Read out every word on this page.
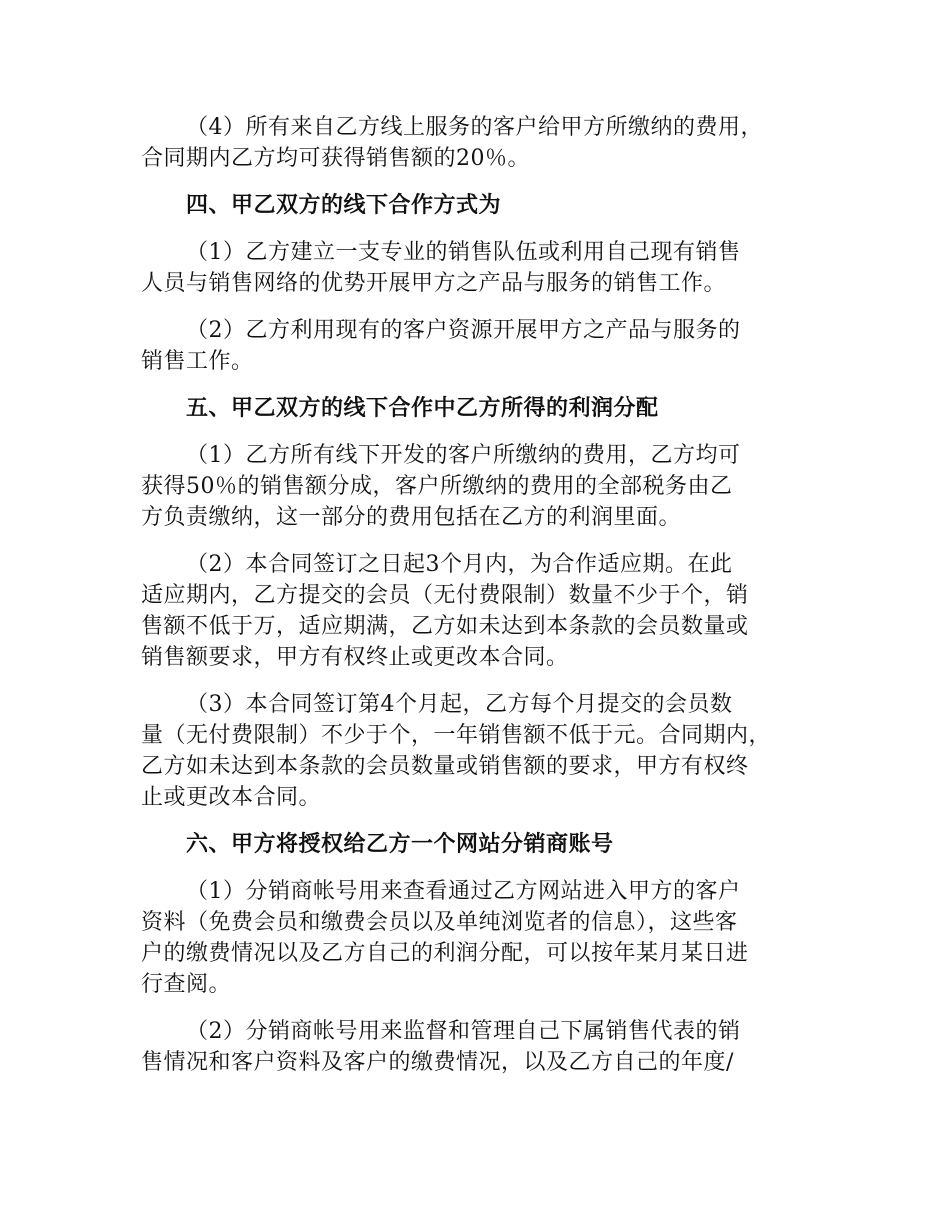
（4）所有来自乙方线上服务的客户给甲方所缴纳的费用，
合同期内乙方均可获得销售额的20％。

四、甲乙双方的线下合作方式为

（1）乙方建立一支专业的销售队伍或利用自己现有销售
人员与销售网络的优势开展甲方之产品与服务的销售工作。

（2）乙方利用现有的客户资源开展甲方之产品与服务的
销售工作。

五、甲乙双方的线下合作中乙方所得的利润分配

（1）乙方所有线下开发的客户所缴纳的费用，乙方均可
获得50％的销售额分成，客户所缴纳的费用的全部税务由乙
方负责缴纳，这一部分的费用包括在乙方的利润里面。

（2）本合同签订之日起3个月内，为合作适应期。在此
适应期内，乙方提交的会员（无付费限制）数量不少于个，销
售额不低于万，适应期满，乙方如未达到本条款的会员数量或
销售额要求，甲方有权终止或更改本合同。

（3）本合同签订第4个月起，乙方每个月提交的会员数
量（无付费限制）不少于个，一年销售额不低于元。合同期内，
乙方如未达到本条款的会员数量或销售额的要求，甲方有权终
止或更改本合同。

六、甲方将授权给乙方一个网站分销商账号

（1）分销商帐号用来查看通过乙方网站进入甲方的客户
资料（免费会员和缴费会员以及单纯浏览者的信息），这些客
户的缴费情况以及乙方自己的利润分配，可以按年某月某日进
行查阅。

（2）分销商帐号用来监督和管理自己下属销售代表的销
售情况和客户资料及客户的缴费情况，以及乙方自己的年度/
